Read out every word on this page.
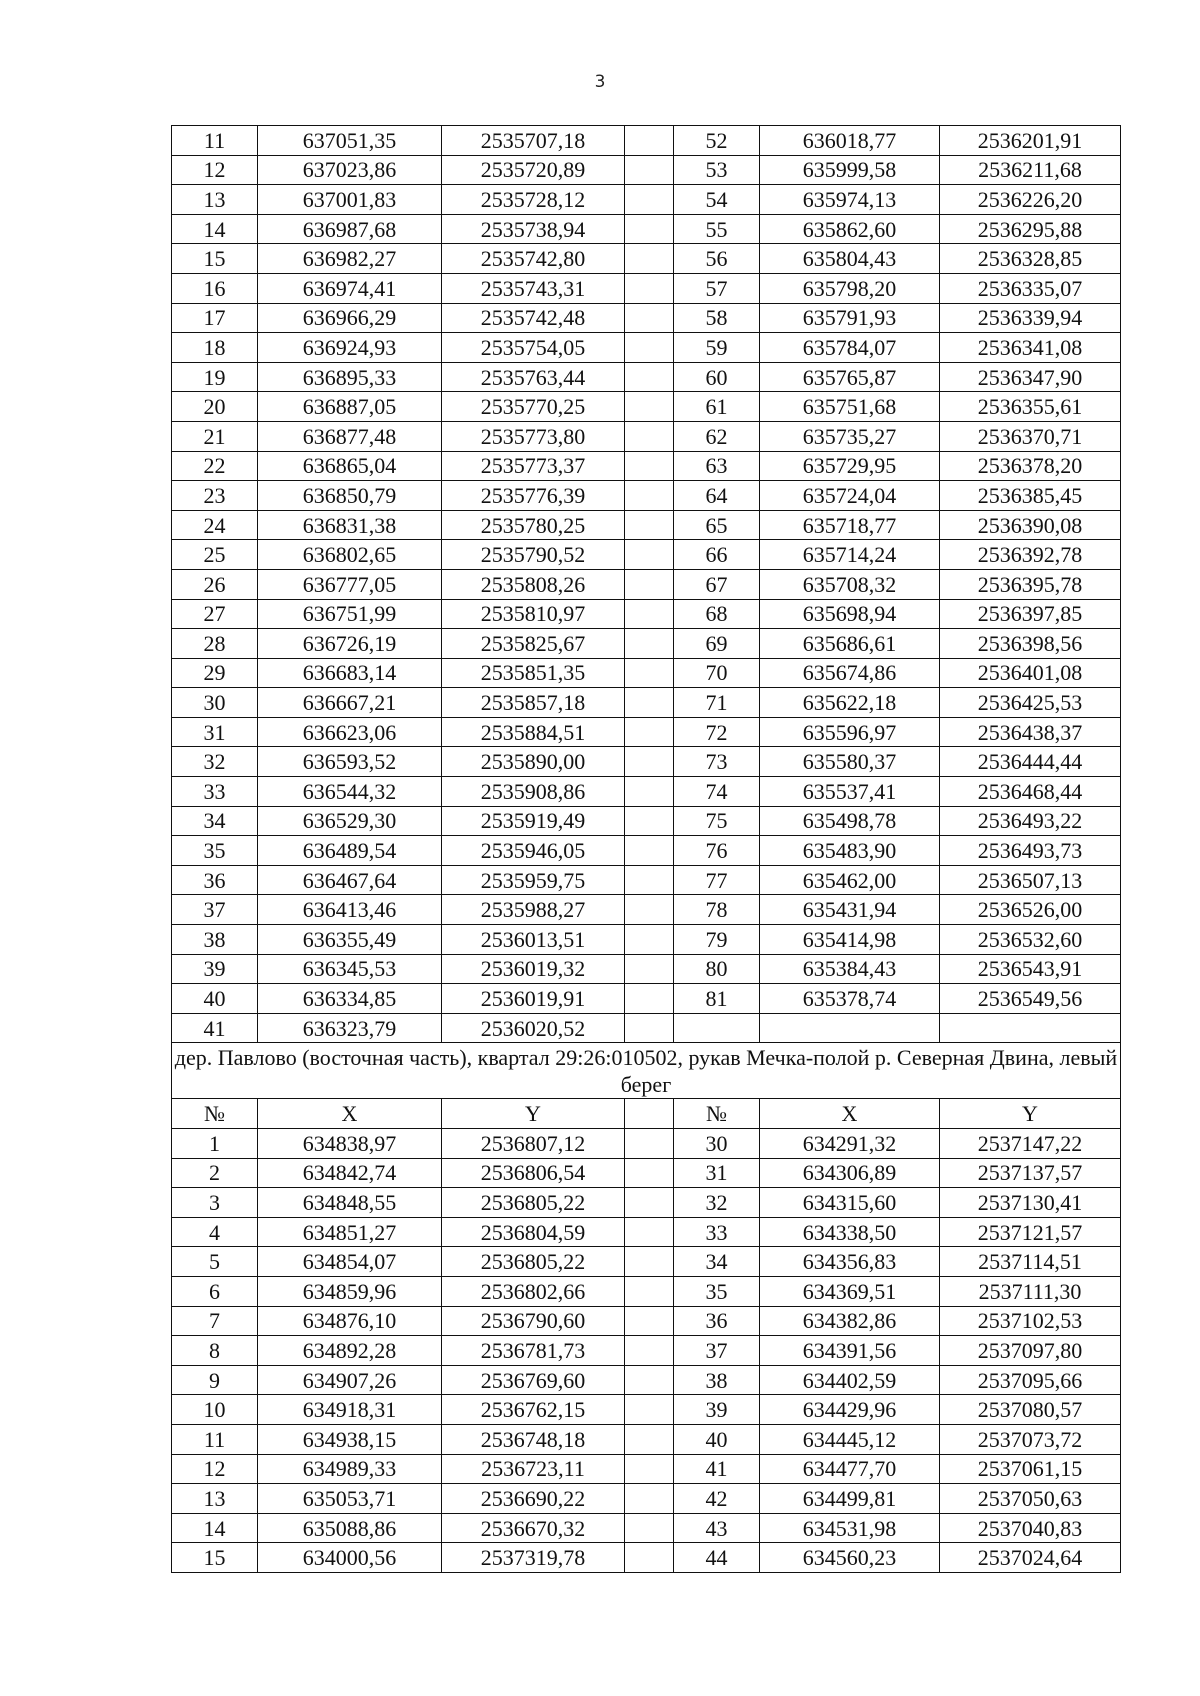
3
11	637051,35	2535707,18		52	636018,77	2536201,91
12	637023,86	2535720,89		53	635999,58	2536211,68
13	637001,83	2535728,12		54	635974,13	2536226,20
14	636987,68	2535738,94		55	635862,60	2536295,88
15	636982,27	2535742,80		56	635804,43	2536328,85
16	636974,41	2535743,31		57	635798,20	2536335,07
17	636966,29	2535742,48		58	635791,93	2536339,94
18	636924,93	2535754,05		59	635784,07	2536341,08
19	636895,33	2535763,44		60	635765,87	2536347,90
20	636887,05	2535770,25		61	635751,68	2536355,61
21	636877,48	2535773,80		62	635735,27	2536370,71
22	636865,04	2535773,37		63	635729,95	2536378,20
23	636850,79	2535776,39		64	635724,04	2536385,45
24	636831,38	2535780,25		65	635718,77	2536390,08
25	636802,65	2535790,52		66	635714,24	2536392,78
26	636777,05	2535808,26		67	635708,32	2536395,78
27	636751,99	2535810,97		68	635698,94	2536397,85
28	636726,19	2535825,67		69	635686,61	2536398,56
29	636683,14	2535851,35		70	635674,86	2536401,08
30	636667,21	2535857,18		71	635622,18	2536425,53
31	636623,06	2535884,51		72	635596,97	2536438,37
32	636593,52	2535890,00		73	635580,37	2536444,44
33	636544,32	2535908,86		74	635537,41	2536468,44
34	636529,30	2535919,49		75	635498,78	2536493,22
35	636489,54	2535946,05		76	635483,90	2536493,73
36	636467,64	2535959,75		77	635462,00	2536507,13
37	636413,46	2535988,27		78	635431,94	2536526,00
38	636355,49	2536013,51		79	635414,98	2536532,60
39	636345,53	2536019,32		80	635384,43	2536543,91
40	636334,85	2536019,91		81	635378,74	2536549,56
41	636323,79	2536020,52				
дер. Павлово (восточная часть), квартал 29:26:010502, рукав Мечка-полой р. Северная Двина, левый берег						
№	X	Y		№	X	Y
1	634838,97	2536807,12		30	634291,32	2537147,22
2	634842,74	2536806,54		31	634306,89	2537137,57
3	634848,55	2536805,22		32	634315,60	2537130,41
4	634851,27	2536804,59		33	634338,50	2537121,57
5	634854,07	2536805,22		34	634356,83	2537114,51
6	634859,96	2536802,66		35	634369,51	2537111,30
7	634876,10	2536790,60		36	634382,86	2537102,53
8	634892,28	2536781,73		37	634391,56	2537097,80
9	634907,26	2536769,60		38	634402,59	2537095,66
10	634918,31	2536762,15		39	634429,96	2537080,57
11	634938,15	2536748,18		40	634445,12	2537073,72
12	634989,33	2536723,11		41	634477,70	2537061,15
13	635053,71	2536690,22		42	634499,81	2537050,63
14	635088,86	2536670,32		43	634531,98	2537040,83
15	634000,56	2537319,78		44	634560,23	2537024,64
